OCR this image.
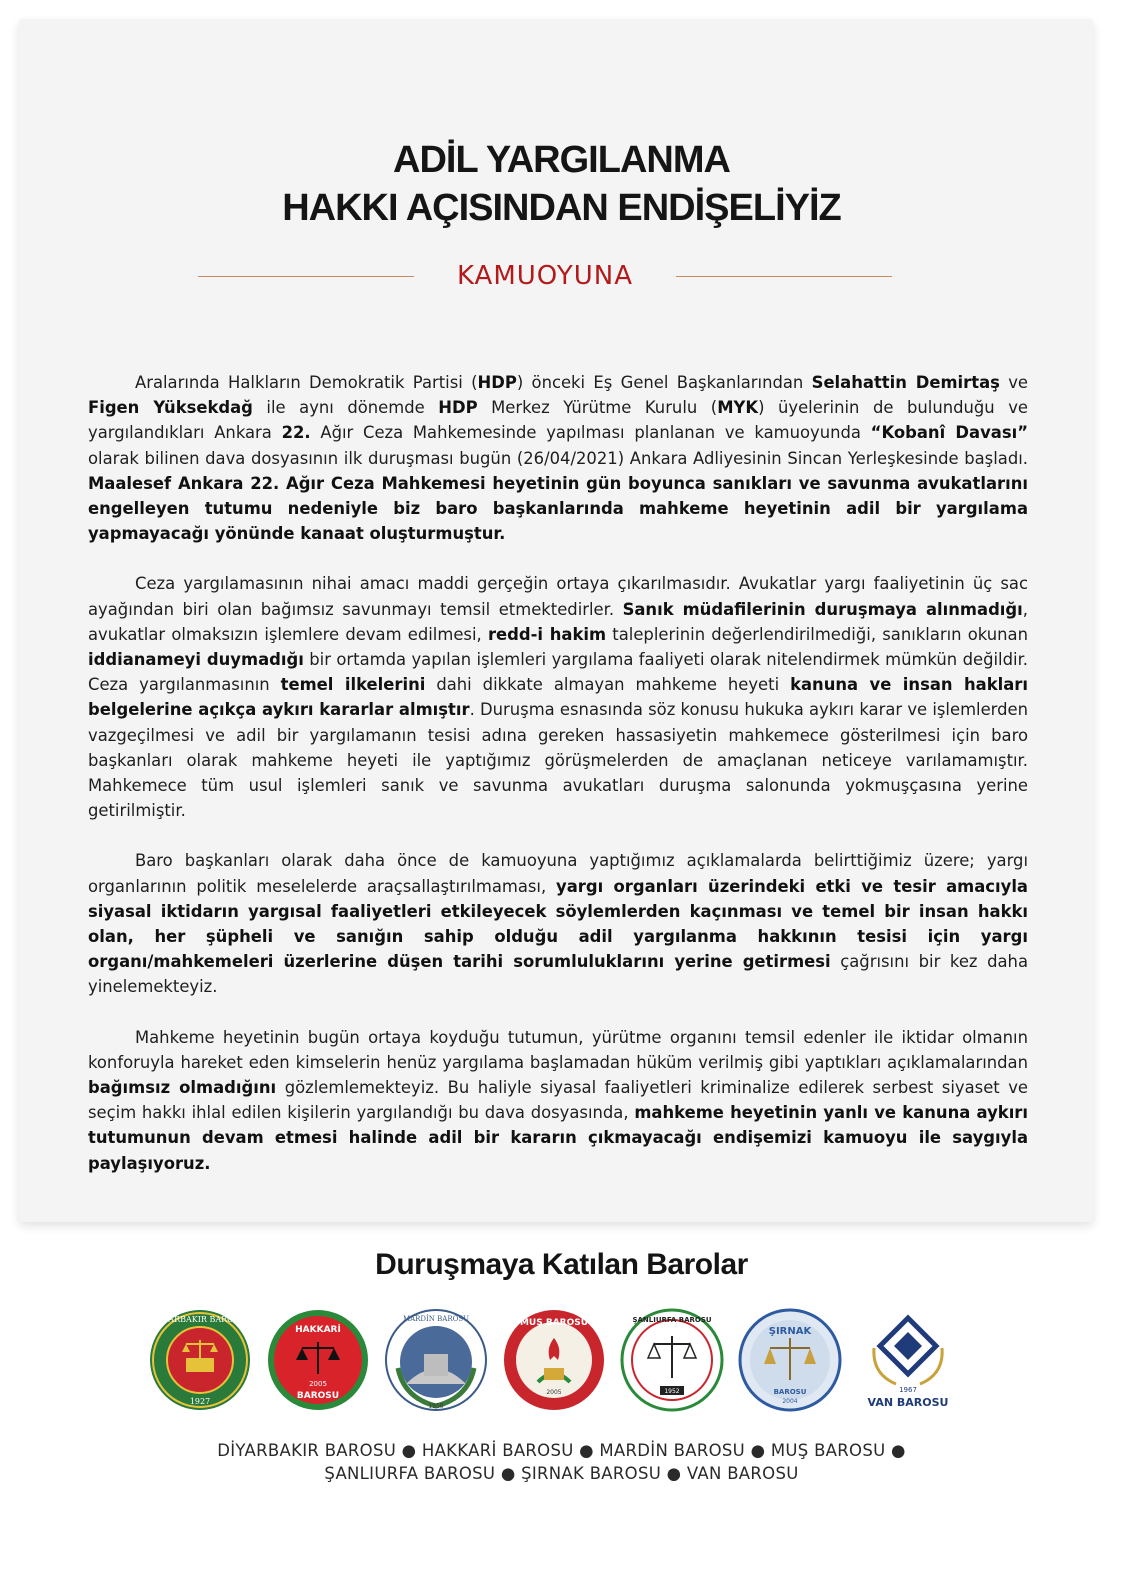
ADİL YARGILANMA
HAKKI AÇISINDAN ENDİŞELİYİZ
KAMUOYUNA

Aralarında Halkların Demokratik Partisi (HDP) önceki Eş Genel Başkanlarından Selahattin Demirtaş ve Figen Yüksekdağ ile aynı dönemde HDP Merkez Yürütme Kurulu (MYK) üyelerinin de bulunduğu ve yargılandıkları Ankara 22. Ağır Ceza Mahkemesinde yapılması planlanan ve kamuoyunda “Kobanî Davası” olarak bilinen dava dosyasının ilk duruşması bugün (26/04/2021) Ankara Adliyesinin Sincan Yerleşkesinde başladı. Maalesef Ankara 22. Ağır Ceza Mahkemesi heyetinin gün boyunca sanıkları ve savunma avukatlarını engelleyen tutumu nedeniyle biz baro başkanlarında mahkeme heyetinin adil bir yargılama yapmayacağı yönünde kanaat oluşturmuştur.

Ceza yargılamasının nihai amacı maddi gerçeğin ortaya çıkarılmasıdır. Avukatlar yargı faaliyetinin üç sac ayağından biri olan bağımsız savunmayı temsil etmektedirler. Sanık müdafilerinin duruşmaya alınmadığı, avukatlar olmaksızın işlemlere devam edilmesi, redd-i hakim taleplerinin değerlendirilmediği, sanıkların okunan iddianameyi duymadığı bir ortamda yapılan işlemleri yargılama faaliyeti olarak nitelendirmek mümkün değildir. Ceza yargılanmasının temel ilkelerini dahi dikkate almayan mahkeme heyeti kanuna ve insan hakları belgelerine açıkça aykırı kararlar almıştır. Duruşma esnasında söz konusu hukuka aykırı karar ve işlemlerden vazgeçilmesi ve adil bir yargılamanın tesisi adına gereken hassasiyetin mahkemece gösterilmesi için baro başkanları olarak mahkeme heyeti ile yaptığımız görüşmelerden de amaçlanan neticeye varılamamıştır. Mahkemece tüm usul işlemleri sanık ve savunma avukatları duruşma salonunda yokmuşçasına yerine getirilmiştir.

Baro başkanları olarak daha önce de kamuoyuna yaptığımız açıklamalarda belirttiğimiz üzere; yargı organlarının politik meselelerde araçsallaştırılmaması, yargı organları üzerindeki etki ve tesir amacıyla siyasal iktidarın yargısal faaliyetleri etkileyecek söylemlerden kaçınması ve temel bir insan hakkı olan, her şüpheli ve sanığın sahip olduğu adil yargılanma hakkının tesisi için yargı organı/mahkemeleri üzerlerine düşen tarihi sorumluluklarını yerine getirmesi çağrısını bir kez daha yinelemekteyiz.

Mahkeme heyetinin bugün ortaya koyduğu tutumun, yürütme organını temsil edenler ile iktidar olmanın konforuyla hareket eden kimselerin henüz yargılama başlamadan hüküm verilmiş gibi yaptıkları açıklamalarından bağımsız olmadığını gözlemlemekteyiz. Bu haliyle siyasal faaliyetleri kriminalize edilerek serbest siyaset ve seçim hakkı ihlal edilen kişilerin yargılandığı bu dava dosyasında, mahkeme heyetinin yanlı ve kanuna aykırı tutumunun devam etmesi halinde adil bir kararın çıkmayacağı endişemizi kamuoyu ile saygıyla paylaşıyoruz.

Duruşmaya Katılan Barolar
DİYARBAKIR BAROSU
1927
HAKKARİ
2005
BAROSU
MARDİN BAROSU
1956
MUŞ BAROSU
2005
ŞANLIURFA BAROSU
1952
ŞIRNAK
BAROSU
2004
1967
VAN BAROSU
DİYARBAKIR BAROSU ● HAKKARİ BAROSU ● MARDİN BAROSU ● MUŞ BAROSU ●
ŞANLIURFA BAROSU ● ŞIRNAK BAROSU ● VAN BAROSU
